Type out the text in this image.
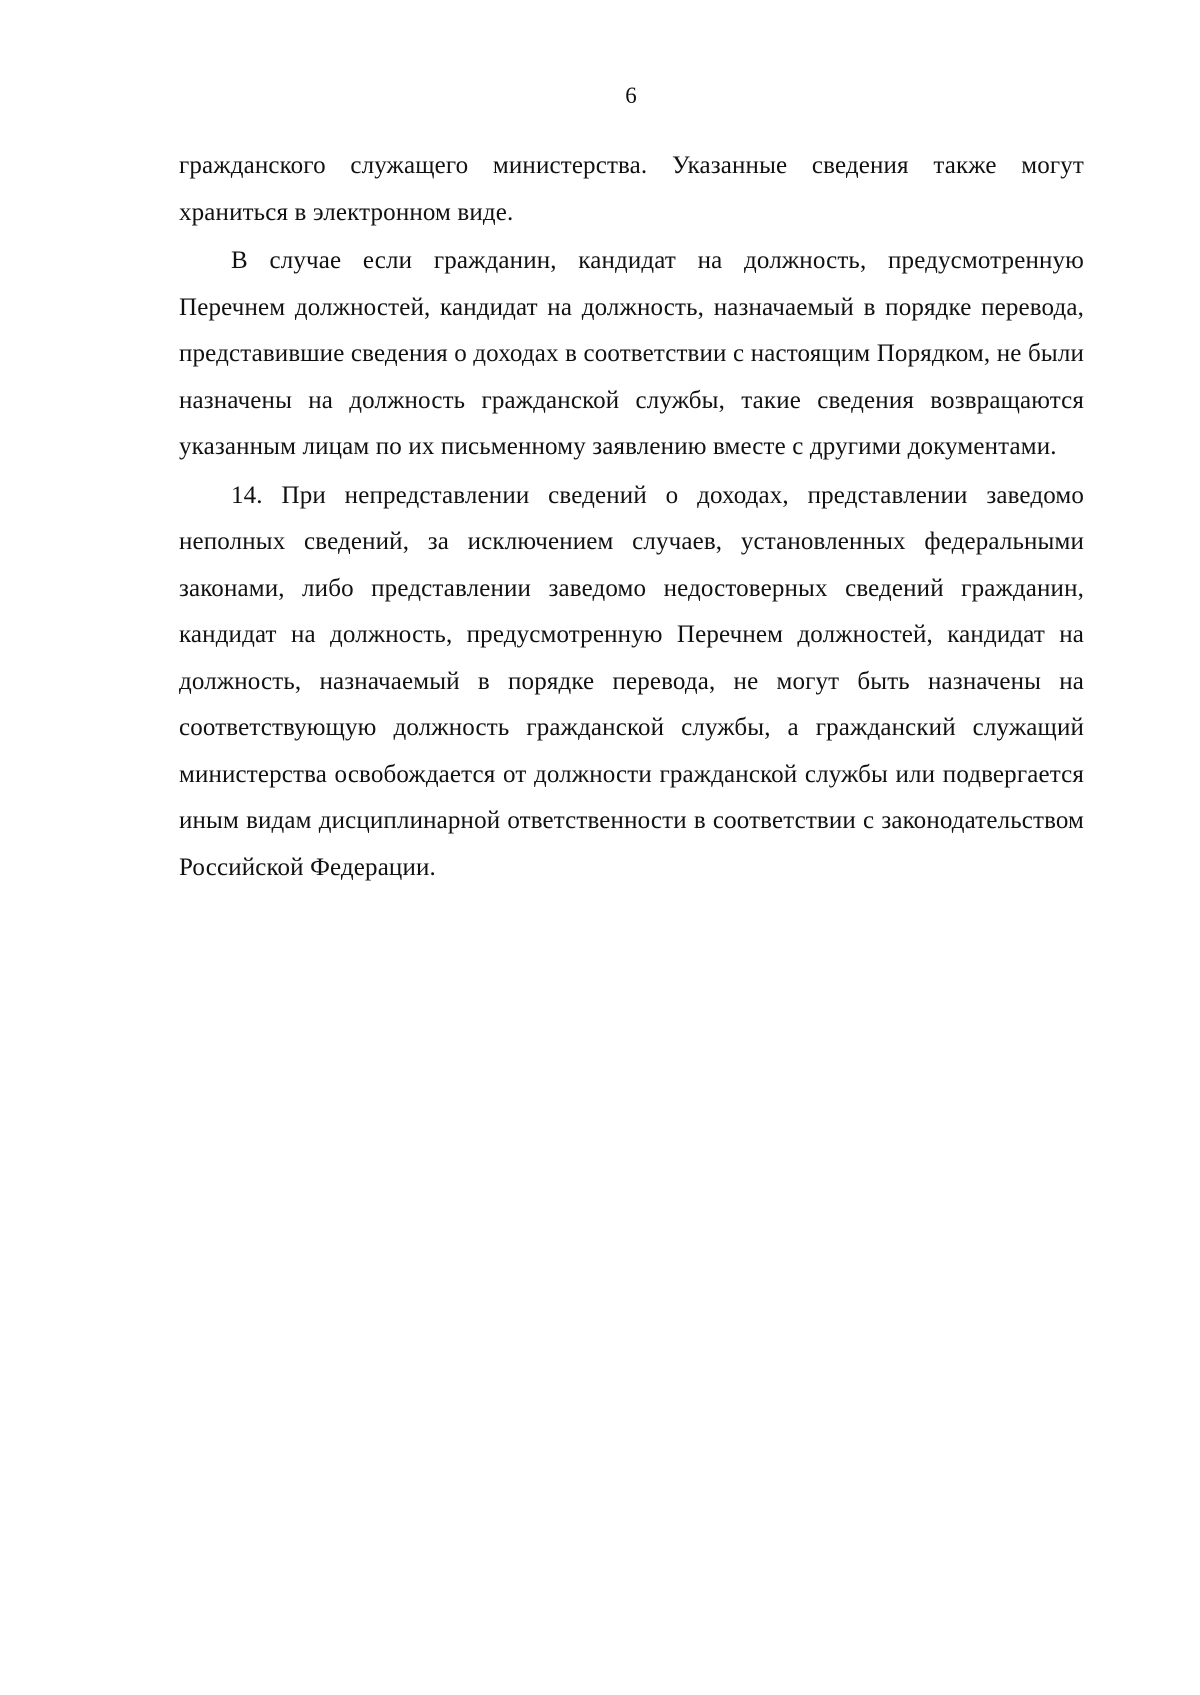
6

гражданского служащего министерства. Указанные сведения также могут храниться в электронном виде.

В случае если гражданин, кандидат на должность, предусмотренную Перечнем должностей, кандидат на должность, назначаемый в порядке перевода, представившие сведения о доходах в соответствии с настоящим Порядком, не были назначены на должность гражданской службы, такие сведения возвращаются указанным лицам по их письменному заявлению вместе с другими документами.

14. При непредставлении сведений о доходах, представлении заведомо неполных сведений, за исключением случаев, установленных федеральными законами, либо представлении заведомо недостоверных сведений гражданин, кандидат на должность, предусмотренную Перечнем должностей, кандидат на должность, назначаемый в порядке перевода, не могут быть назначены на соответствующую должность гражданской службы, а гражданский служащий министерства освобождается от должности гражданской службы или подвергается иным видам дисциплинарной ответственности в соответствии с законодательством Российской Федерации.
